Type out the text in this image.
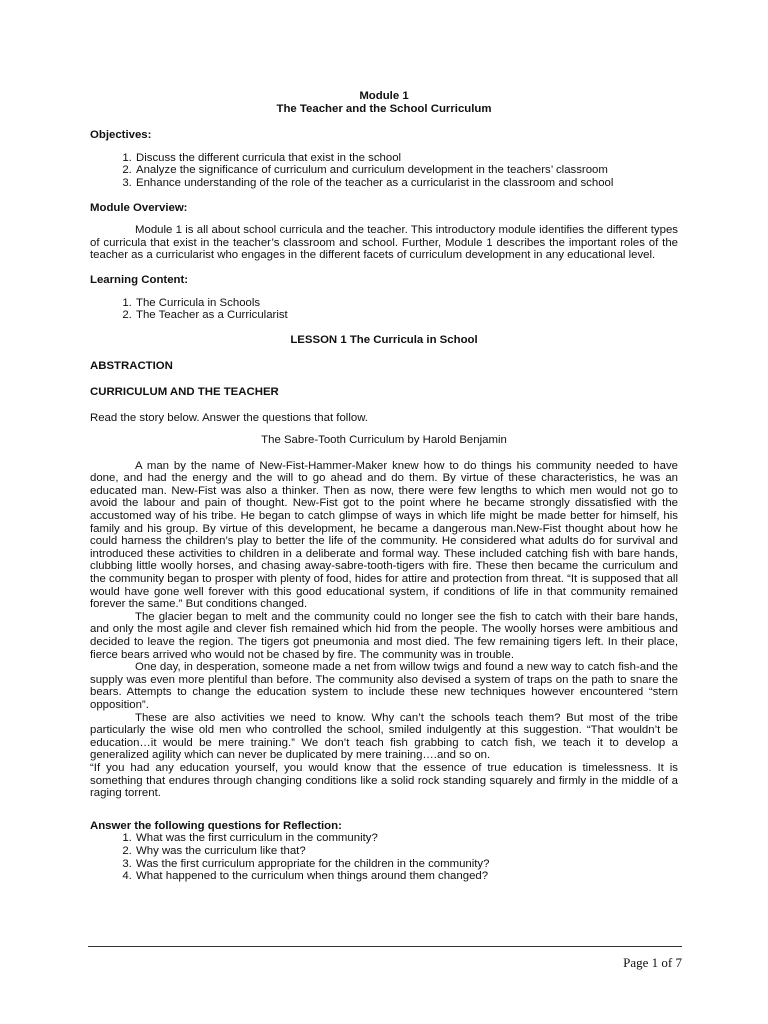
Module 1
The Teacher and the School Curriculum
Objectives:
1. Discuss the different curricula that exist in the school
2. Analyze the significance of curriculum and curriculum development in the teachers’ classroom
3. Enhance understanding of the role of the teacher as a curricularist in the classroom and school
Module Overview:

Module 1 is all about school curricula and the teacher. This introductory module identifies the different types of curricula that exist in the teacher’s classroom and school. Further, Module 1 describes the important roles of the teacher as a curricularist who engages in the different facets of curriculum development in any educational level.

Learning Content:
1. The Curricula in Schools
2. The Teacher as a Curricularist
LESSON 1 The Curricula in School
ABSTRACTION
CURRICULUM AND THE TEACHER

Read the story below. Answer the questions that follow.

The Sabre-Tooth Curriculum by Harold Benjamin

A man by the name of New-Fist-Hammer-Maker knew how to do things his community needed to have done, and had the energy and the will to go ahead and do them. By virtue of these characteristics, he was an educated man. New-Fist was also a thinker. Then as now, there were few lengths to which men would not go to avoid the labour and pain of thought. New-Fist got to the point where he became strongly dissatisfied with the accustomed way of his tribe. He began to catch glimpse of ways in which life might be made better for himself, his family and his group. By virtue of this development, he became a dangerous man.New-Fist thought about how he could harness the children’s play to better the life of the community. He considered what adults do for survival and introduced these activities to children in a deliberate and formal way. These included catching fish with bare hands, clubbing little woolly horses, and chasing away-sabre-tooth-tigers with fire. These then became the curriculum and the community began to prosper with plenty of food, hides for attire and protection from threat. “It is supposed that all would have gone well forever with this good educational system, if conditions of life in that community remained forever the same.” But conditions changed.

The glacier began to melt and the community could no longer see the fish to catch with their bare hands, and only the most agile and clever fish remained which hid from the people. The woolly horses were ambitious and decided to leave the region. The tigers got pneumonia and most died. The few remaining tigers left. In their place, fierce bears arrived who would not be chased by fire. The community was in trouble.

One day, in desperation, someone made a net from willow twigs and found a new way to catch fish-and the supply was even more plentiful than before. The community also devised a system of traps on the path to snare the bears. Attempts to change the education system to include these new techniques however encountered “stern opposition”.

These are also activities we need to know. Why can’t the schools teach them? But most of the tribe particularly the wise old men who controlled the school, smiled indulgently at this suggestion. “That wouldn’t be education…it would be mere training.” We don’t teach fish grabbing to catch fish, we teach it to develop a generalized agility which can never be duplicated by mere training….and so on.

“If you had any education yourself, you would know that the essence of true education is timelessness. It is something that endures through changing conditions like a solid rock standing squarely and firmly in the middle of a raging torrent.

Answer the following questions for Reflection:
1. What was the first curriculum in the community?
2. Why was the curriculum like that?
3. Was the first curriculum appropriate for the children in the community?
4. What happened to the curriculum when things around them changed?
Page 1 of 7
